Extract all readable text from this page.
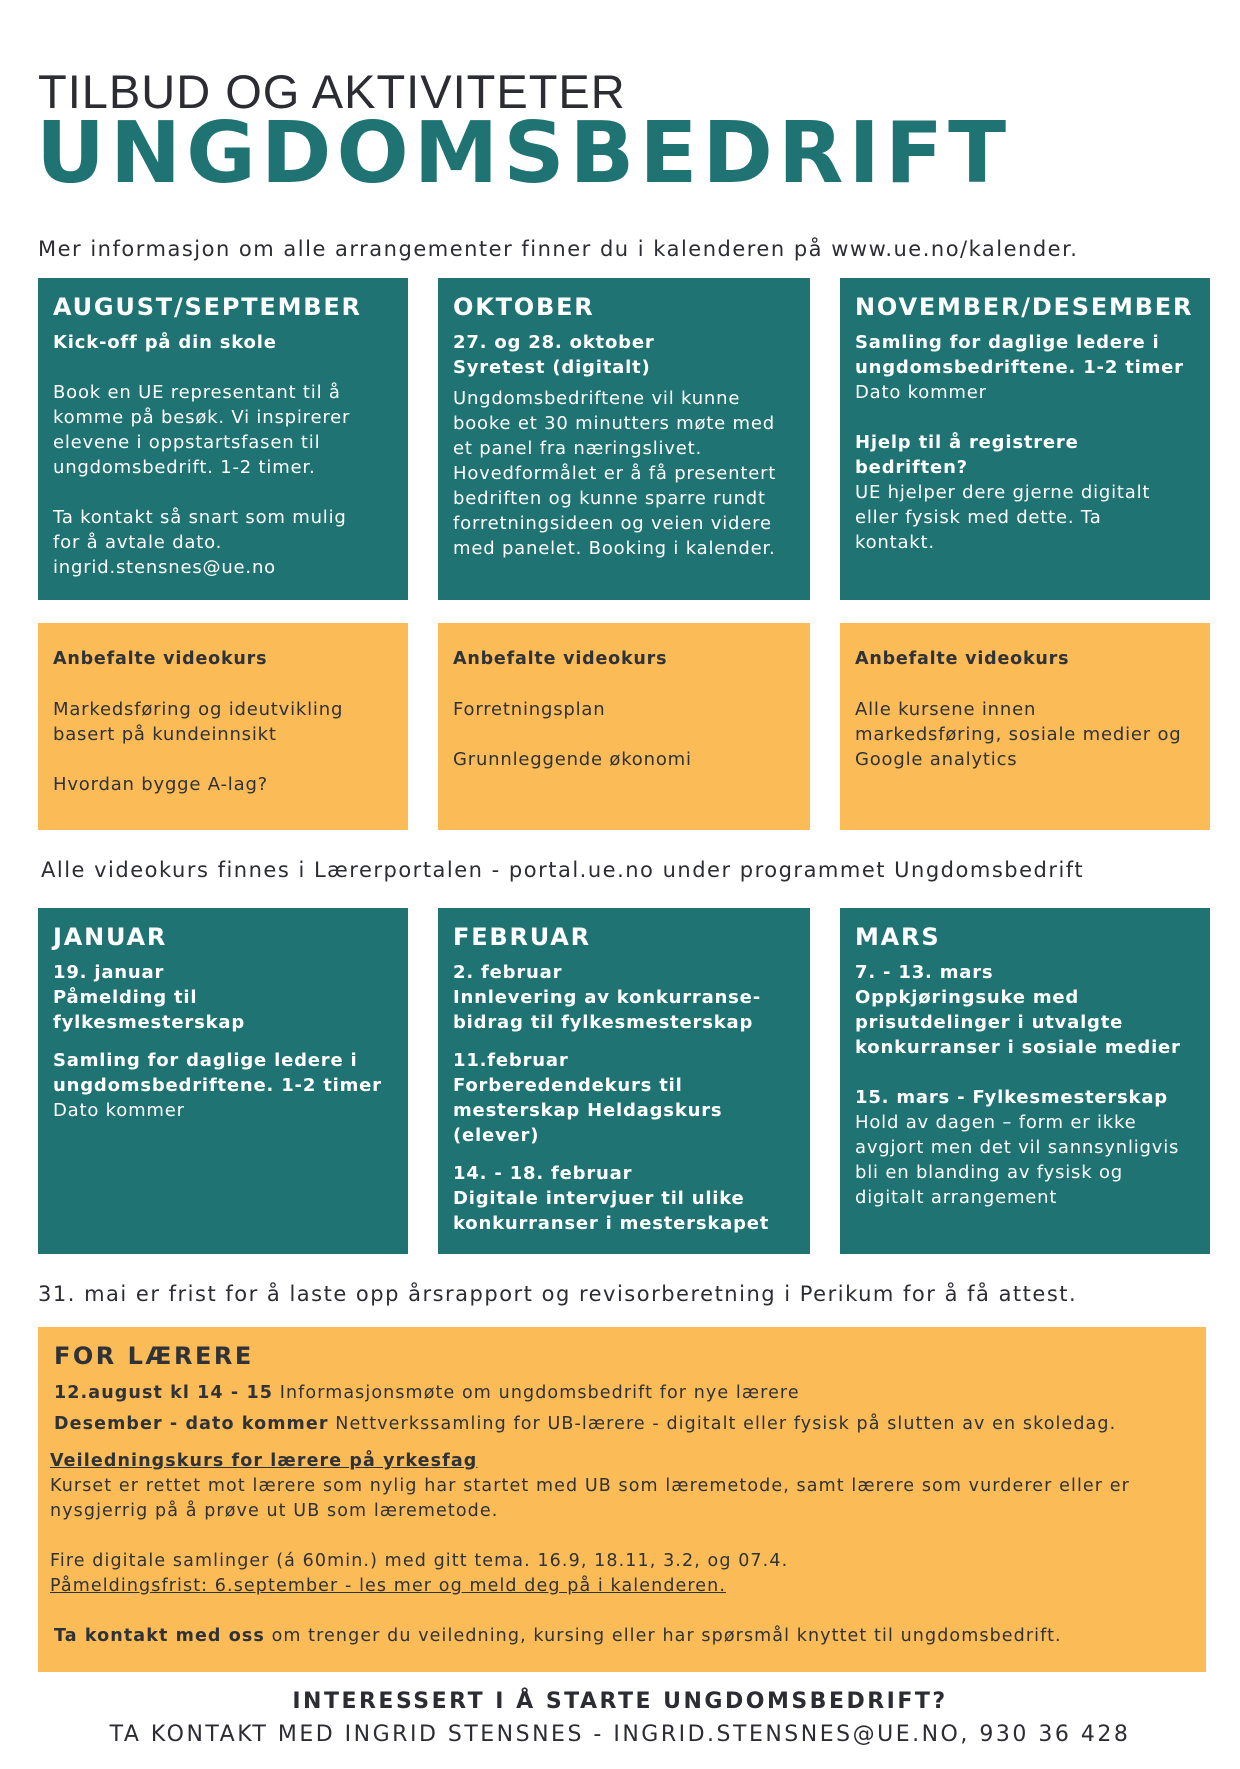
TILBUD OG AKTIVITETER
UNGDOMSBEDRIFT
Mer informasjon om alle arrangementer finner du i kalenderen på www.ue.no/kalender.
AUGUST/SEPTEMBER
Kick-off på din skole
Book en UE representant til å
komme på besøk. Vi inspirerer
elevene i oppstartsfasen til
ungdomsbedrift. 1-2 timer.
Ta kontakt så snart som mulig
for å avtale dato.
ingrid.stensnes@ue.no
OKTOBER
27. og 28. oktober
Syretest (digitalt)
Ungdomsbedriftene vil kunne
booke et 30 minutters møte med
et panel fra næringslivet.
Hovedformålet er å få presentert
bedriften og kunne sparre rundt
forretningsideen og veien videre
med panelet. Booking i kalender.
NOVEMBER/DESEMBER
Samling for daglige ledere i
ungdomsbedriftene. 1-2 timer
Dato kommer
Hjelp til å registrere bedriften?
UE hjelper dere gjerne digitalt
eller fysisk med dette. Ta
kontakt.
Anbefalte videokurs
Markedsføring og ideutvikling
basert på kundeinnsikt
Hvordan bygge A-lag?
Anbefalte videokurs
Forretningsplan
Grunnleggende økonomi
Anbefalte videokurs
Alle kursene innen
markedsføring, sosiale medier og
Google analytics
Alle videokurs finnes i Lærerportalen - portal.ue.no under programmet Ungdomsbedrift
JANUAR
19. januar
Påmelding til fylkesmesterskap
Samling for daglige ledere i
ungdomsbedriftene. 1-2 timer
Dato kommer
FEBRUAR
2. februar
Innlevering av konkurranse-
bidrag til fylkesmesterskap
11.februar
Forberedendekurs til
mesterskap Heldagskurs (elever)
14. - 18. februar
Digitale intervjuer til ulike
konkurranser i mesterskapet
MARS
7. - 13. mars
Oppkjøringsuke med
prisutdelinger i utvalgte
konkurranser i sosiale medier
15. mars - Fylkesmesterskap
Hold av dagen – form er ikke
avgjort men det vil sannsynligvis
bli en blanding av fysisk og
digitalt arrangement
31. mai er frist for å laste opp årsrapport og revisorberetning i Perikum for å få attest.
FOR LÆRERE
12.august kl 14 - 15 Informasjonsmøte om ungdomsbedrift for nye lærere
Desember - dato kommer Nettverkssamling for UB-lærere - digitalt eller fysisk på slutten av en skoledag.
Veiledningskurs for lærere på yrkesfag
Kurset er rettet mot lærere som nylig har startet med UB som læremetode, samt lærere som vurderer eller er
nysgjerrig på å prøve ut UB som læremetode.
Fire digitale samlinger (á 60min.) med gitt tema. 16.9, 18.11, 3.2, og 07.4.
Påmeldingsfrist: 6.september - les mer og meld deg på i kalenderen.
Ta kontakt med oss om trenger du veiledning, kursing eller har spørsmål knyttet til ungdomsbedrift.
INTERESSERT I Å STARTE UNGDOMSBEDRIFT?
TA KONTAKT MED INGRID STENSNES - INGRID.STENSNES@UE.NO, 930 36 428
